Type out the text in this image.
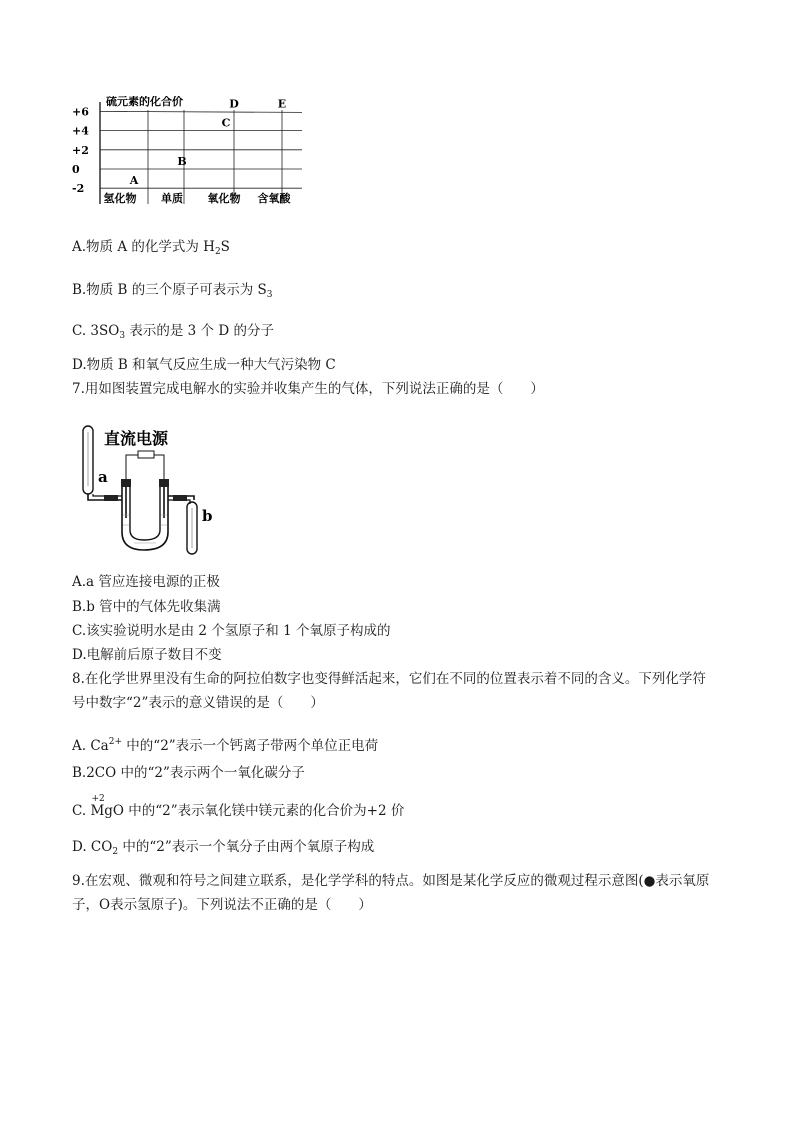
硫元素的化合价
+6
+4
+2
0
-2
氢化物 单质 氧化物 含氧酸
A
B
C
D	E
A.物质 A 的化学式为 $H_2S$
B.物质 B 的三个原子可表示为 $S_3$
C. $3SO_3$ 表示的是 3 个 D 的分子
D.物质 B 和氧气反应生成一种大气污染物 C
7.用如图装置完成电解水的实验并收集产生的气体，下列说法正确的是（　　）
直流电源
a
b
A.a 管应连接电源的正极
B.b 管中的气体先收集满
C.该实验说明水是由 2 个氢原子和 1 个氧原子构成的
D.电解前后原子数目不变
8.在化学世界里没有生命的阿拉伯数字也变得鲜活起来，它们在不同的位置表示着不同的含义。下列化学符
号中数字“2”表示的意义错误的是（　　）
A. $Ca^{2+}$ 中的“2”表示一个钙离子带两个单位正电荷
B.2CO 中的“2”表示两个一氧化碳分子
C.
+2
MgO 中的“2”表示氧化镁中镁元素的化合价为+2 价
D. $CO_2$ 中的“2”表示一个氧分子由两个氧原子构成
9.在宏观、微观和符号之间建立联系，是化学学科的特点。如图是某化学反应的微观过程示意图(●表示氧原
子，O表示氢原子)。下列说法不正确的是（　　）
